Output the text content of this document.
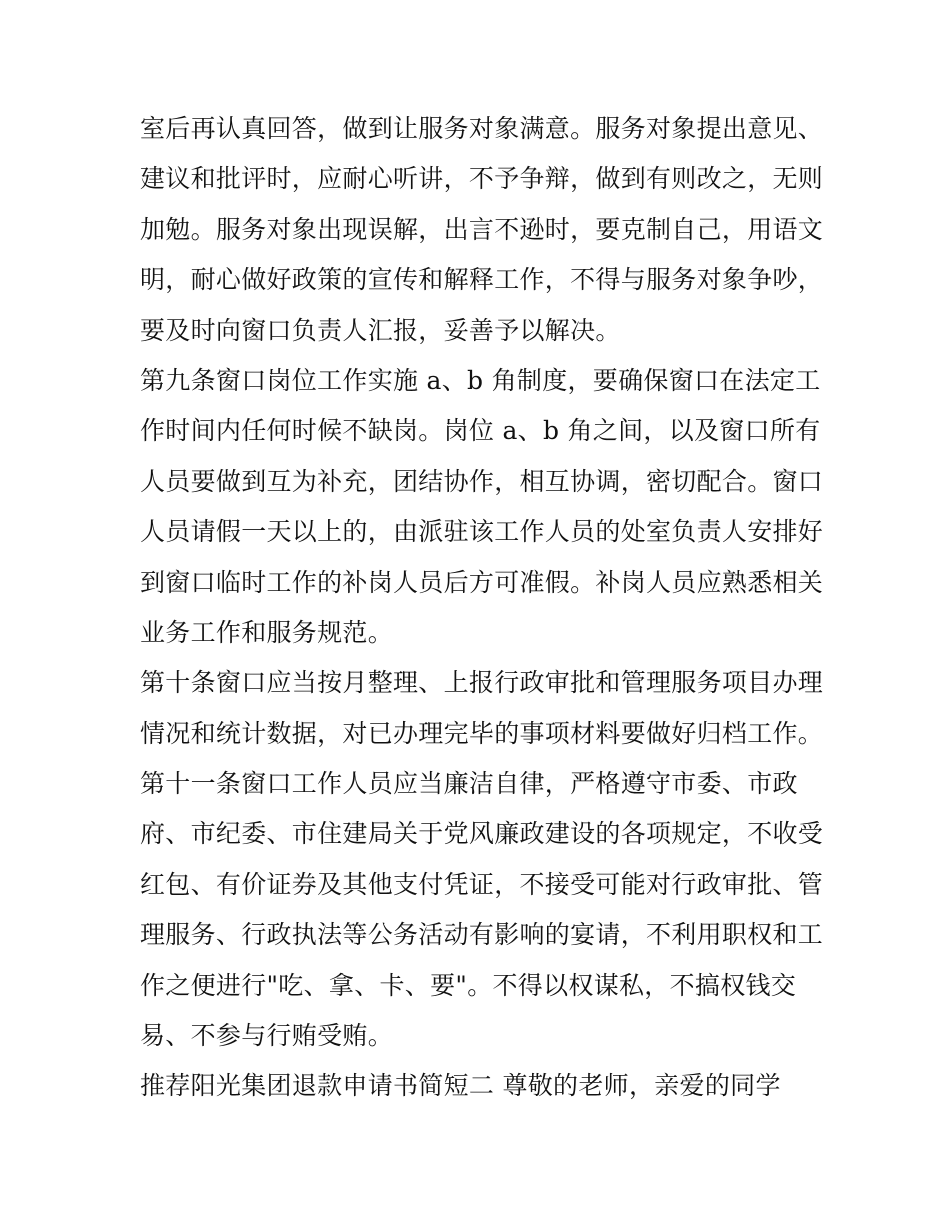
室后再认真回答，做到让服务对象满意。服务对象提出意见、
建议和批评时，应耐心听讲，不予争辩，做到有则改之，无则
加勉。服务对象出现误解，出言不逊时，要克制自己，用语文
明，耐心做好政策的宣传和解释工作，不得与服务对象争吵，
要及时向窗口负责人汇报，妥善予以解决。
第九条窗口岗位工作实施 a、b 角制度，要确保窗口在法定工
作时间内任何时候不缺岗。岗位 a、b 角之间，以及窗口所有
人员要做到互为补充，团结协作，相互协调，密切配合。窗口
人员请假一天以上的，由派驻该工作人员的处室负责人安排好
到窗口临时工作的补岗人员后方可准假。补岗人员应熟悉相关
业务工作和服务规范。
第十条窗口应当按月整理、上报行政审批和管理服务项目办理
情况和统计数据，对已办理完毕的事项材料要做好归档工作。
第十一条窗口工作人员应当廉洁自律，严格遵守市委、市政
府、市纪委、市住建局关于党风廉政建设的各项规定，不收受
红包、有价证券及其他支付凭证，不接受可能对行政审批、管
理服务、行政执法等公务活动有影响的宴请，不利用职权和工
作之便进行"吃、拿、卡、要"。不得以权谋私，不搞权钱交
易、不参与行贿受贿。
推荐阳光集团退款申请书简短二 尊敬的老师，亲爱的同学
